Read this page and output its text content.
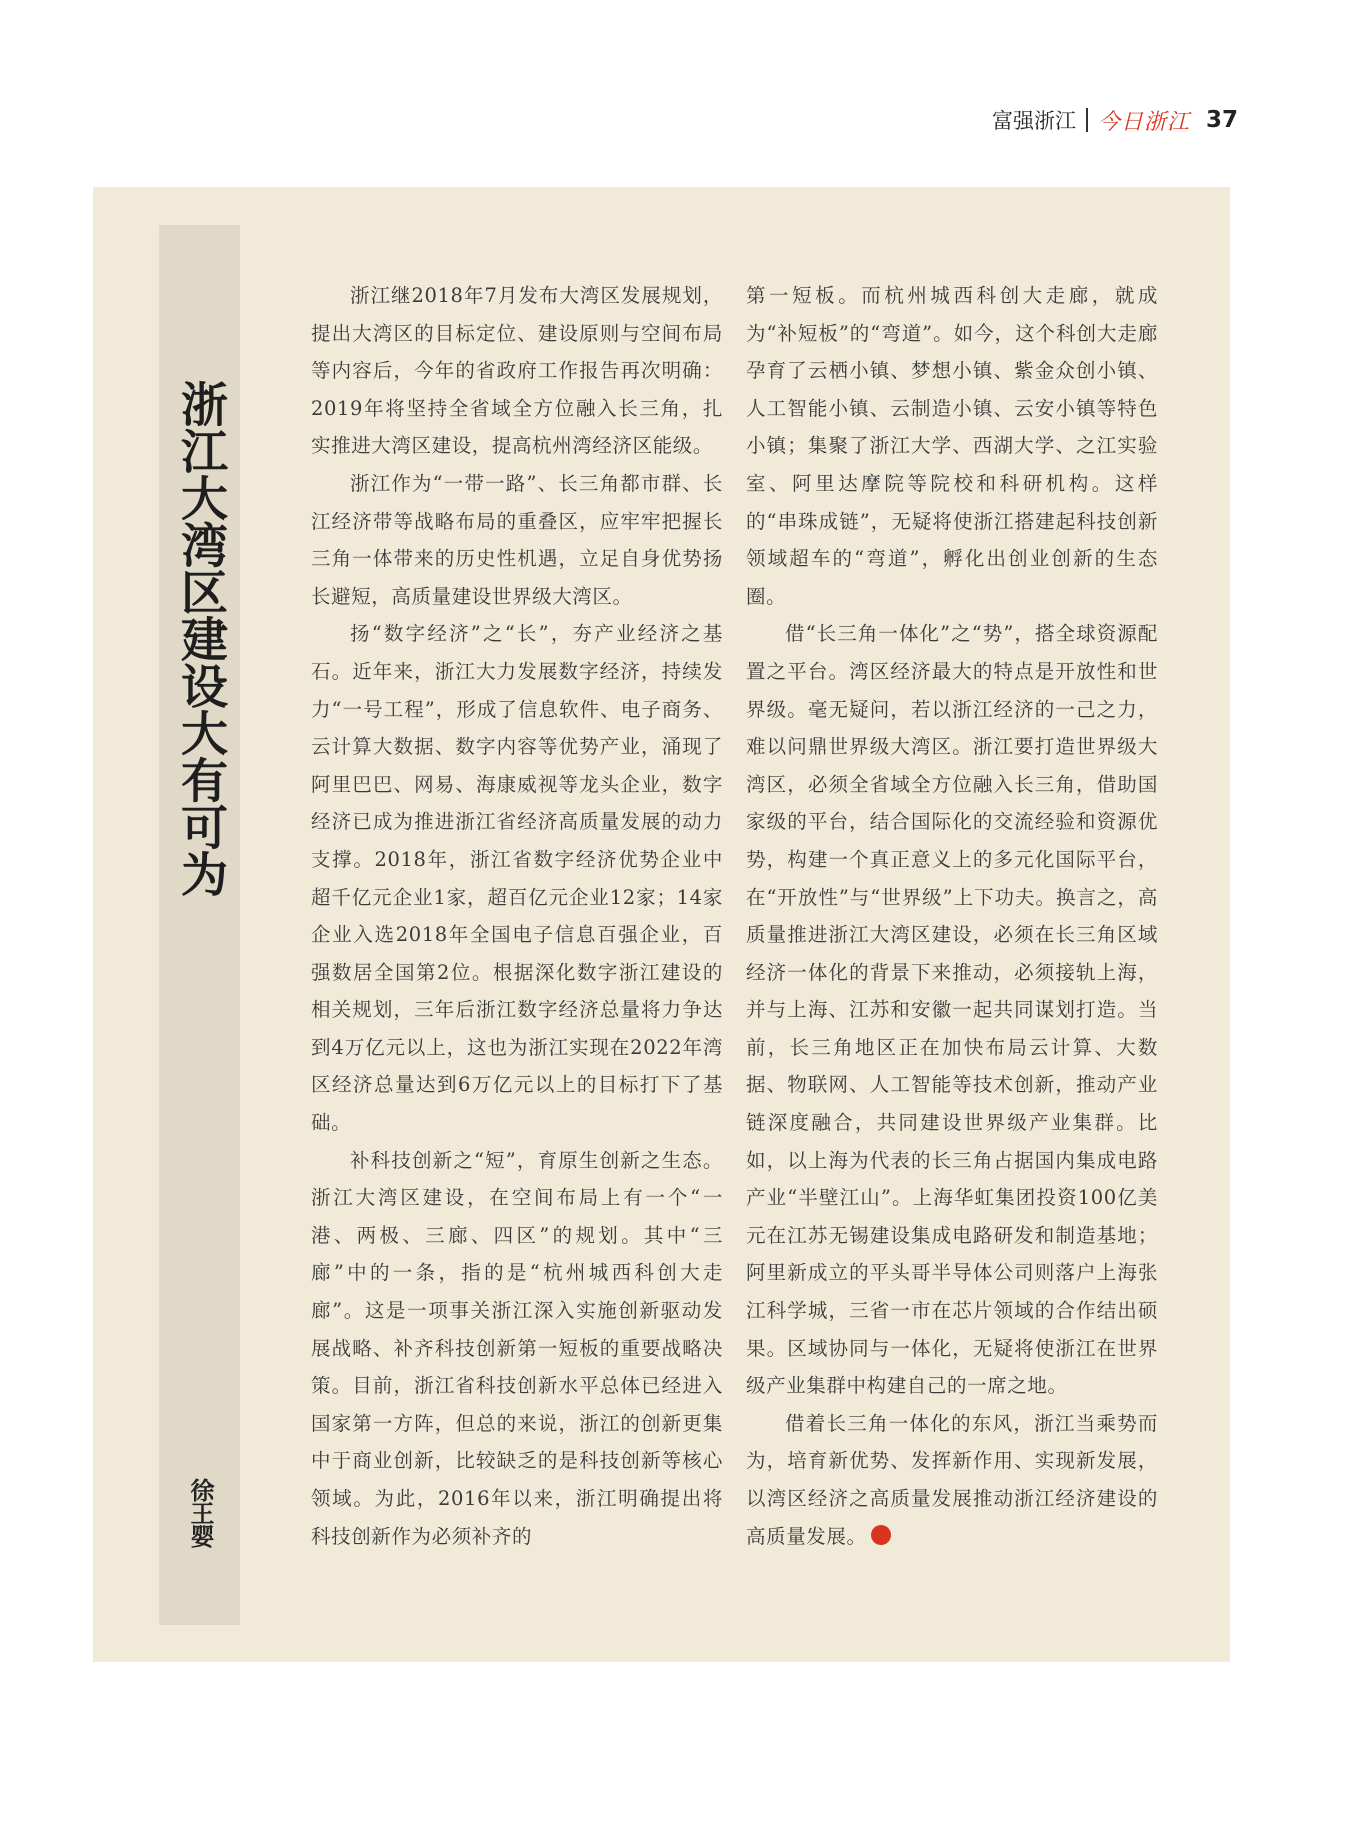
富强浙江 今日浙江 37
浙江大湾区建设大有可为
徐王婴

浙江继2018年7月发布大湾区发展规划，提出大湾区的目标定位、建设原则与空间布局等内容后，今年的省政府工作报告再次明确：2019年将坚持全省域全方位融入长三角，扎实推进大湾区建设，提高杭州湾经济区能级。

浙江作为“一带一路”、长三角都市群、长江经济带等战略布局的重叠区，应牢牢把握长三角一体带来的历史性机遇，立足自身优势扬长避短，高质量建设世界级大湾区。

扬“数字经济”之“长”，夯产业经济之基石。近年来，浙江大力发展数字经济，持续发力“一号工程”，形成了信息软件、电子商务、云计算大数据、数字内容等优势产业，涌现了阿里巴巴、网易、海康威视等龙头企业，数字经济已成为推进浙江省经济高质量发展的动力支撑。2018年，浙江省数字经济优势企业中超千亿元企业1家，超百亿元企业12家；14家企业入选2018年全国电子信息百强企业，百强数居全国第2位。根据深化数字浙江建设的相关规划，三年后浙江数字经济总量将力争达到4万亿元以上，这也为浙江实现在2022年湾区经济总量达到6万亿元以上的目标打下了基础。

补科技创新之“短”，育原生创新之生态。浙江大湾区建设，在空间布局上有一个“一港、两极、三廊、四区”的规划。其中“三廊”中的一条，指的是“杭州城西科创大走廊”。这是一项事关浙江深入实施创新驱动发展战略、补齐科技创新第一短板的重要战略决策。目前，浙江省科技创新水平总体已经进入国家第一方阵，但总的来说，浙江的创新更集中于商业创新，比较缺乏的是科技创新等核心领域。为此，2016年以来，浙江明确提出将科技创新作为必须补齐的

第一短板。而杭州城西科创大走廊，就成为“补短板”的“弯道”。如今，这个科创大走廊孕育了云栖小镇、梦想小镇、紫金众创小镇、人工智能小镇、云制造小镇、云安小镇等特色小镇；集聚了浙江大学、西湖大学、之江实验室、阿里达摩院等院校和科研机构。这样的“串珠成链”，无疑将使浙江搭建起科技创新领域超车的“弯道”，孵化出创业创新的生态圈。

借“长三角一体化”之“势”，搭全球资源配置之平台。湾区经济最大的特点是开放性和世界级。毫无疑问，若以浙江经济的一己之力，难以问鼎世界级大湾区。浙江要打造世界级大湾区，必须全省域全方位融入长三角，借助国家级的平台，结合国际化的交流经验和资源优势，构建一个真正意义上的多元化国际平台，在“开放性”与“世界级”上下功夫。换言之，高质量推进浙江大湾区建设，必须在长三角区域经济一体化的背景下来推动，必须接轨上海，并与上海、江苏和安徽一起共同谋划打造。当前，长三角地区正在加快布局云计算、大数据、物联网、人工智能等技术创新，推动产业链深度融合，共同建设世界级产业集群。比如，以上海为代表的长三角占据国内集成电路产业“半壁江山”。上海华虹集团投资100亿美元在江苏无锡建设集成电路研发和制造基地；阿里新成立的平头哥半导体公司则落户上海张江科学城，三省一市在芯片领域的合作结出硕果。区域协同与一体化，无疑将使浙江在世界级产业集群中构建自己的一席之地。

借着长三角一体化的东风，浙江当乘势而为，培育新优势、发挥新作用、实现新发展，以湾区经济之高质量发展推动浙江经济建设的高质量发展。
